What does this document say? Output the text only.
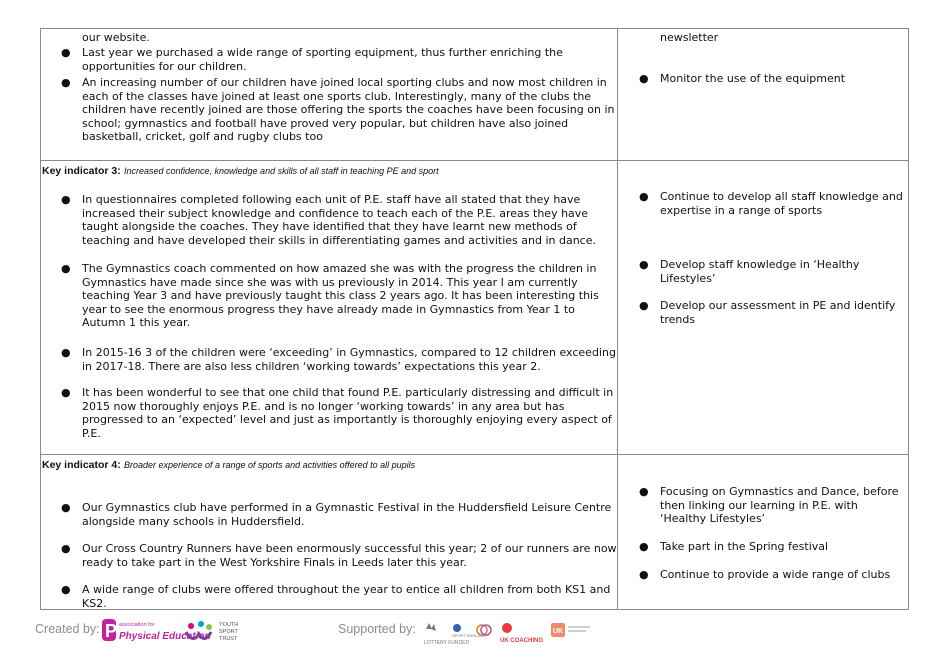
our website.
● Last year we purchased a wide range of sporting equipment, thus further enriching the opportunities for our children.
● An increasing number of our children have joined local sporting clubs and now most children in each of the classes have joined at least one sports club. Interestingly, many of the clubs the children have recently joined are those offering the sports the coaches have been focusing on in school; gymnastics and football have proved very popular, but children have also joined basketball, cricket, golf and rugby clubs too
newsletter
● Monitor the use of the equipment
Key indicator 3: Increased confidence, knowledge and skills of all staff in teaching PE and sport
● In questionnaires completed following each unit of P.E. staff have all stated that they have increased their subject knowledge and confidence to teach each of the P.E. areas they have taught alongside the coaches. They have identified that they have learnt new methods of teaching and have developed their skills in differentiating games and activities and in dance.
● The Gymnastics coach commented on how amazed she was with the progress the children in Gymnastics have made since she was with us previously in 2014. This year I am currently teaching Year 3 and have previously taught this class 2 years ago. It has been interesting this year to see the enormous progress they have already made in Gymnastics from Year 1 to Autumn 1 this year.
● In 2015-16 3 of the children were ‘exceeding’ in Gymnastics, compared to 12 children exceeding in 2017-18. There are also less children ‘working towards’ expectations this year 2.
● It has been wonderful to see that one child that found P.E. particularly distressing and difficult in 2015 now thoroughly enjoys P.E. and is no longer ‘working towards’ in any area but has progressed to an ‘expected’ level and just as importantly is thoroughly enjoying every aspect of P.E.
● Continue to develop all staff knowledge and expertise in a range of sports
● Develop staff knowledge in ‘Healthy Lifestyles’
● Develop our assessment in PE and identify trends
Key indicator 4: Broader experience of a range of sports and activities offered to all pupils
● Our Gymnastics club have performed in a Gymnastic Festival in the Huddersfield Leisure Centre alongside many schools in Huddersfield.
● Our Cross Country Runners have been enormously successful this year; 2 of our runners are now ready to take part in the West Yorkshire Finals in Leeds later this year.
● A wide range of clubs were offered throughout the year to entice all children from both KS1 and KS2.
● Focusing on Gymnastics and Dance, before then linking our learning in P.E. with ‘Healthy Lifestyles’
● Take part in the Spring festival
● Continue to provide a wide range of clubs
Created by: P association for
Physical Education
YOUTH
SPORT
TRUST
Supported by:
LOTTERY FUNDED
SPORT ENGLAND
UK COACHING
UK
